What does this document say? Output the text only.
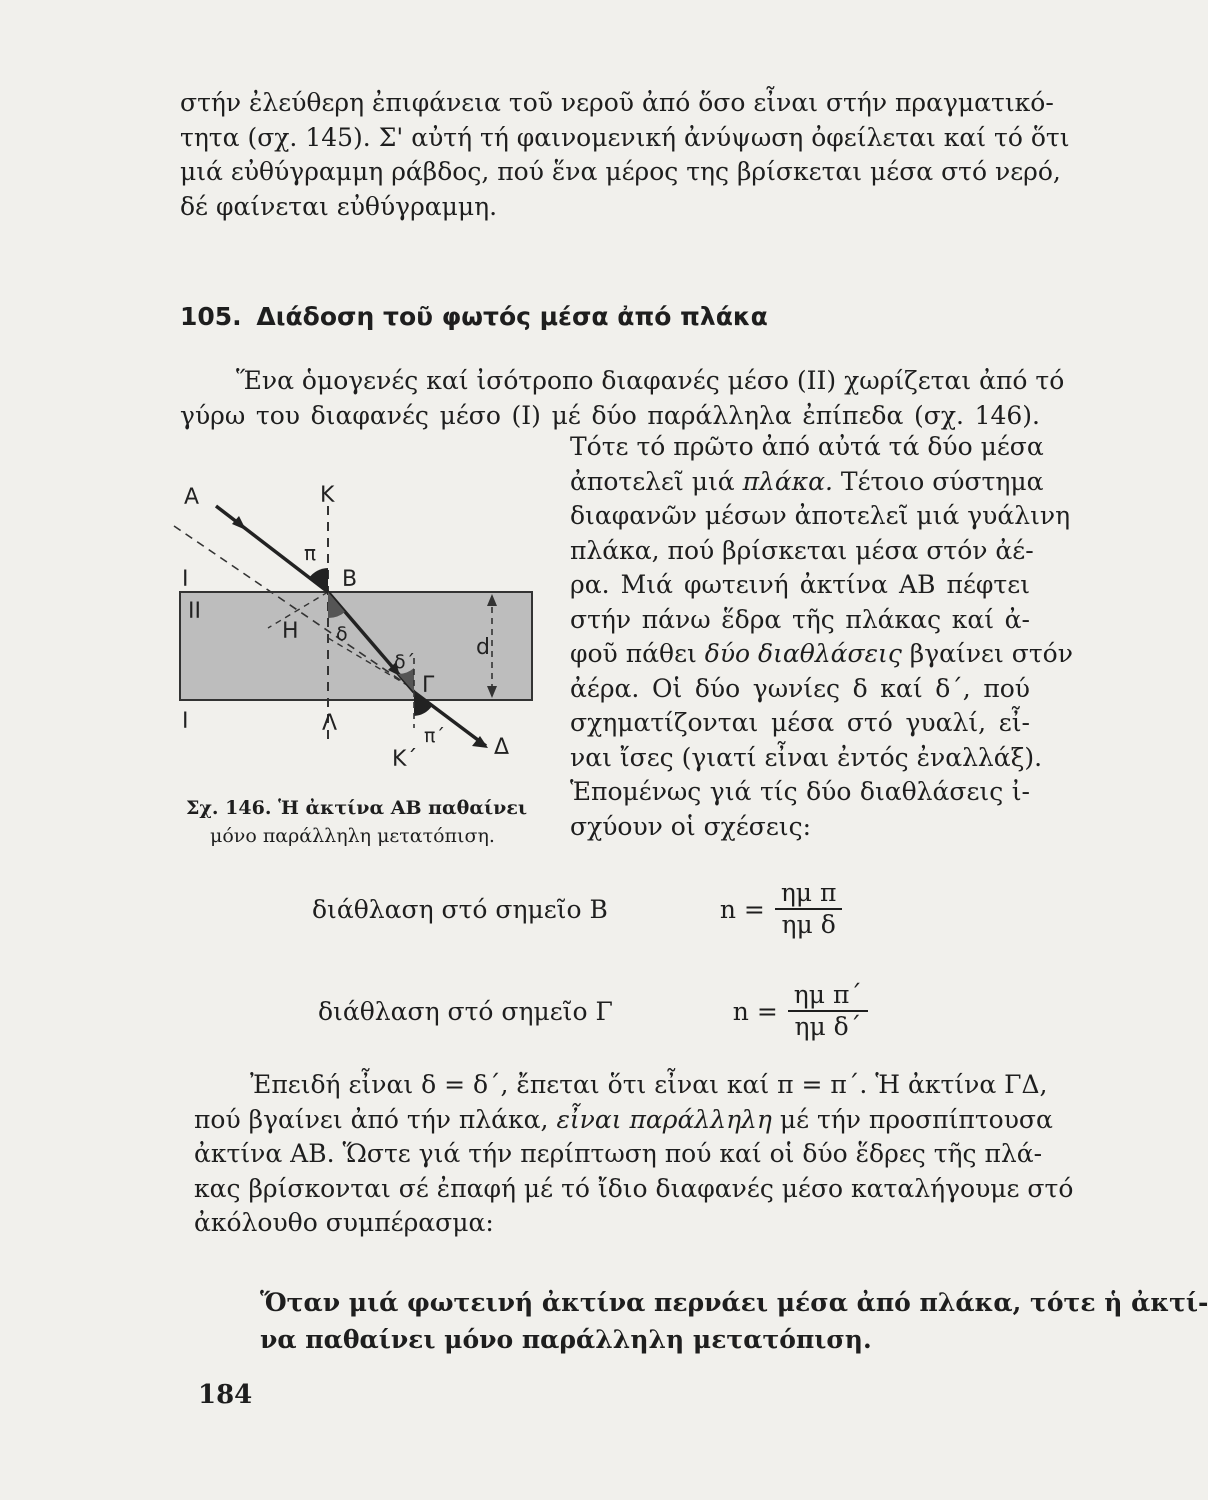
στήν ἐλεύθερη ἐπιφάνεια τοῦ νεροῦ ἀπό ὅσο εἶναι στήν πραγματικό-
τητα (σχ. 145). Σ' αὐτή τή φαινομενική ἀνύψωση ὀφείλεται καί τό ὅτι
μιά εὐθύγραμμη ράβδος, πού ἕνα μέρος της βρίσκεται μέσα στό νερό,
δέ φαίνεται εὐθύγραμμη.
105. Διάδοση τοῦ φωτός μέσα ἀπό πλάκα
Ἕνα ὁμογενές καί ἰσότροπο διαφανές μέσο (ΙΙ) χωρίζεται ἀπό τό
γύρω του διαφανές μέσο (Ι) μέ δύο παράλληλα ἐπίπεδα (σχ. 146).
Τότε τό πρῶτο ἀπό αὐτά τά δύο μέσα
ἀποτελεῖ μιά πλάκα. Τέτοιο σύστημα
διαφανῶν μέσων ἀποτελεῖ μιά γυάλινη
πλάκα, πού βρίσκεται μέσα στόν ἀέ-
ρα. Μιά φωτεινή ἀκτίνα ΑΒ πέφτει
στήν πάνω ἕδρα τῆς πλάκας καί ἀ-
φοῦ πάθει δύο διαθλάσεις βγαίνει στόν
ἀέρα. Οἱ δύο γωνίες δ καί δ΄, πού
σχηματίζονται μέσα στό γυαλί, εἶ-
ναι ἴσες (γιατί εἶναι ἐντός ἐναλλάξ).
Ἑπομένως γιά τίς δύο διαθλάσεις ἰ-
σχύουν οἱ σχέσεις:
Α	Κ
π
Ι	Β
ΙΙ
Η δ
δ΄
d
Γ
Ι	Λ	π΄
Κ΄	Δ

Σχ. 146. Ἡ ἀκτίνα ΑΒ παθαίνει
μόνο παράλληλη μετατόπιση.

διάθλαση στό σημεῖο Β	$n = \frac{\text{ημ π}}{\text{ημ δ}}$
διάθλαση στό σημεῖο Γ	$n = \frac{\text{ημ π΄}}{\text{ημ δ΄}}$
Ἐπειδή εἶναι δ = δ΄, ἔπεται ὅτι εἶναι καί π = π΄. Ἡ ἀκτίνα ΓΔ,
πού βγαίνει ἀπό τήν πλάκα, εἶναι παράλληλη μέ τήν προσπίπτουσα
ἀκτίνα ΑΒ. Ὥστε γιά τήν περίπτωση πού καί οἱ δύο ἕδρες τῆς πλά-
κας βρίσκονται σέ ἐπαφή μέ τό ἴδιο διαφανές μέσο καταλήγουμε στό
ἀκόλουθο συμπέρασμα:

Ὅταν μιά φωτεινή ἀκτίνα περνάει μέσα ἀπό πλάκα, τότε ἡ ἀκτί-
να παθαίνει μόνο παράλληλη μετατόπιση.

184
